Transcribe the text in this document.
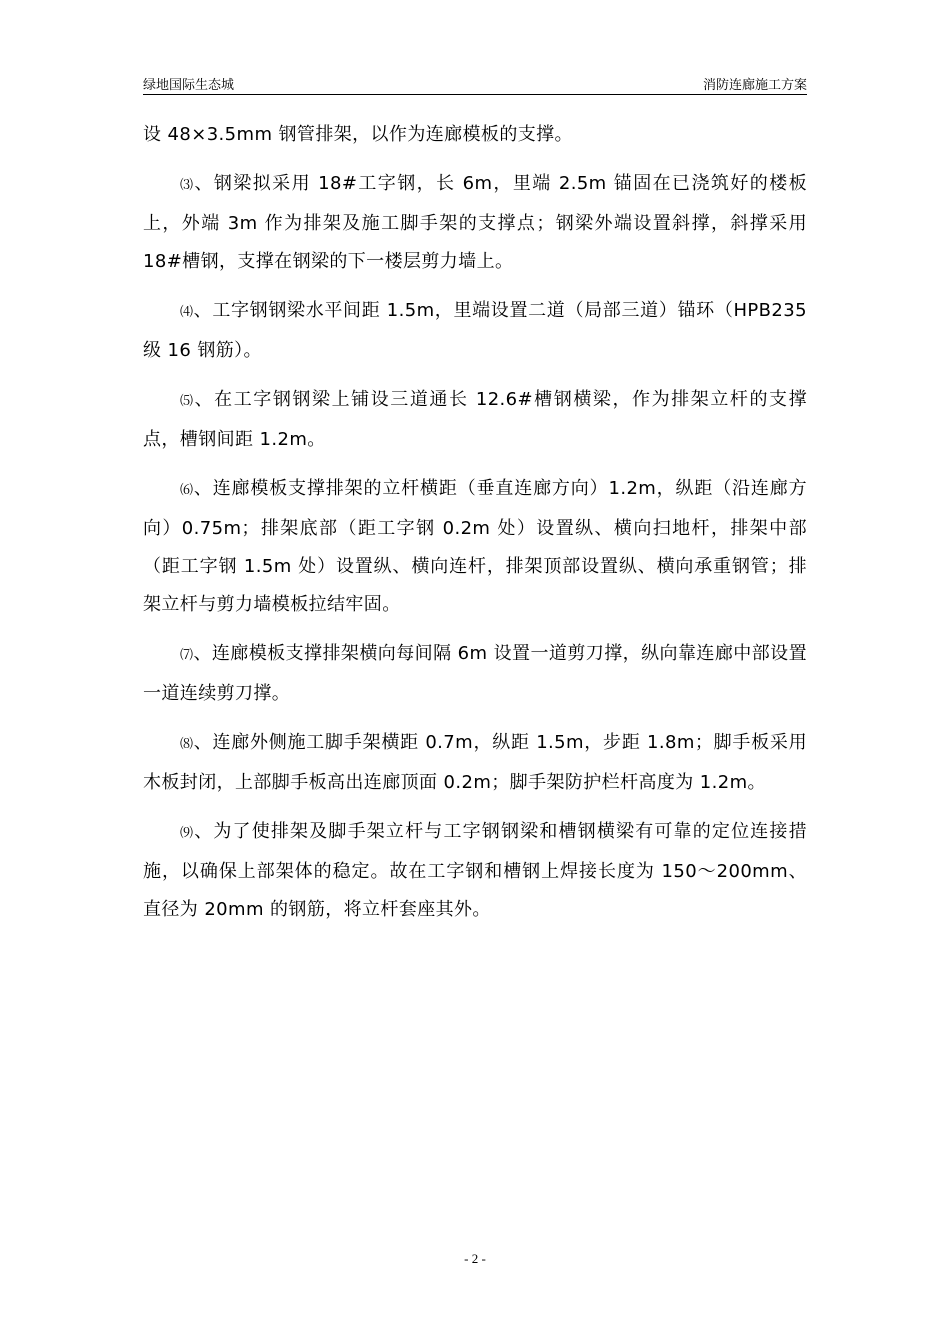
绿地国际生态城	消防连廊施工方案

设 48×3.5mm 钢管排架，以作为连廊模板的支撑。

⑶、钢梁拟采用 18#工字钢，长 6m，里端 2.5m 锚固在已浇筑好的楼板上，外端 3m 作为排架及施工脚手架的支撑点；钢梁外端设置斜撑，斜撑采用 18#槽钢，支撑在钢梁的下一楼层剪力墙上。

⑷、工字钢钢梁水平间距 1.5m，里端设置二道（局部三道）锚环（HPB235 级 16 钢筋）。

⑸、在工字钢钢梁上铺设三道通长 12.6#槽钢横梁，作为排架立杆的支撑点，槽钢间距 1.2m。

⑹、连廊模板支撑排架的立杆横距（垂直连廊方向）1.2m，纵距（沿连廊方向）0.75m；排架底部（距工字钢 0.2m 处）设置纵、横向扫地杆，排架中部（距工字钢 1.5m 处）设置纵、横向连杆，排架顶部设置纵、横向承重钢管；排架立杆与剪力墙模板拉结牢固。

⑺、连廊模板支撑排架横向每间隔 6m 设置一道剪刀撑，纵向靠连廊中部设置一道连续剪刀撑。

⑻、连廊外侧施工脚手架横距 0.7m，纵距 1.5m，步距 1.8m；脚手板采用木板封闭，上部脚手板高出连廊顶面 0.2m；脚手架防护栏杆高度为 1.2m。

⑼、为了使排架及脚手架立杆与工字钢钢梁和槽钢横梁有可靠的定位连接措施，以确保上部架体的稳定。故在工字钢和槽钢上焊接长度为 150～200mm、直径为 20mm 的钢筋，将立杆套座其外。

- 2 -
